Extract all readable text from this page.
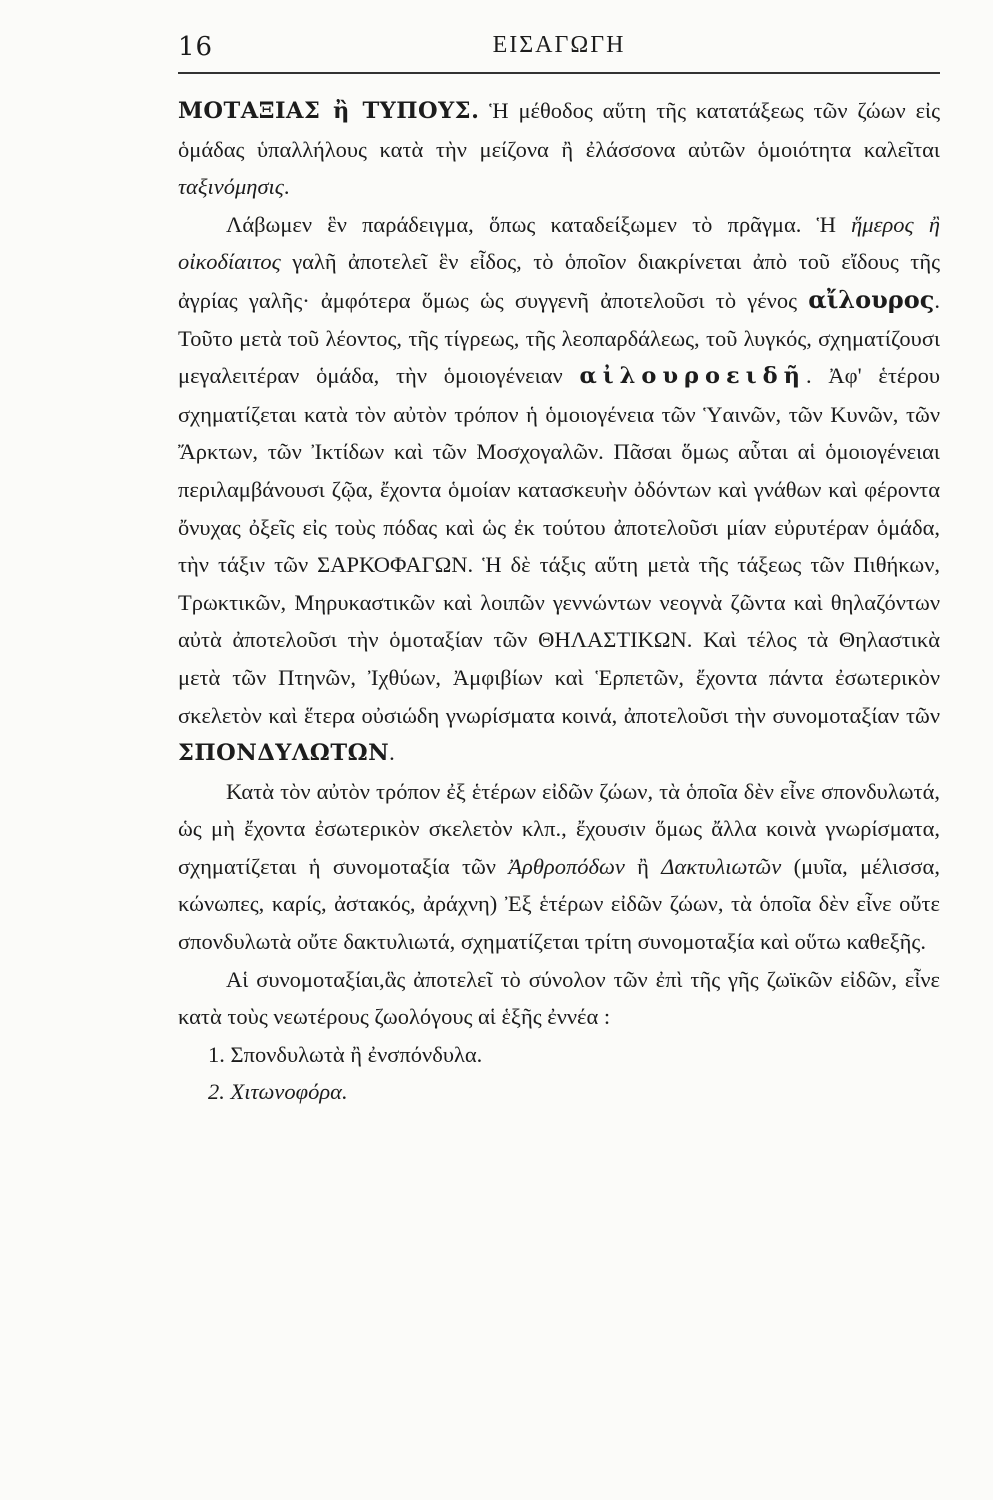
16	ΕΙΣΑΓΩΓΗ

ΜΟΤΑΞΙΑΣ ἢ ΤΥΠΟΥΣ. Ἡ μέθοδος αὕτη τῆς κατατάξεως τῶν ζώων εἰς ὁμάδας ὑπαλλήλους κατὰ τὴν μείζονα ἢ ἐλάσσονα αὐτῶν ὁμοιότητα καλεῖται ταξινόμησις.

Λάβωμεν ἓν παράδειγμα, ὅπως καταδείξωμεν τὸ πρᾶγμα. Ἡ ἥμερος ἢ οἰκοδίαιτος γαλῆ ἀποτελεῖ ἓν εἶδος, τὸ ὁποῖον διακρίνεται ἀπὸ τοῦ εἴδους τῆς ἀγρίας γαλῆς· ἀμφότερα ὅμως ὡς συγγενῆ ἀποτελοῦσι τὸ γένος αἴλουρος. Τοῦτο μετὰ τοῦ λέοντος, τῆς τίγρεως, τῆς λεοπαρδάλεως, τοῦ λυγκός, σχηματίζουσι μεγαλειτέραν ὁμάδα, τὴν ὁμοιογένειαν αἰλουροειδῆ. Ἀφ' ἑτέρου σχηματίζεται κατὰ τὸν αὐτὸν τρόπον ἡ ὁμοιογένεια τῶν Ὑαινῶν, τῶν Κυνῶν, τῶν Ἄρκτων, τῶν Ἰκτίδων καὶ τῶν Μοσχογαλῶν. Πᾶσαι ὅμως αὗται αἱ ὁμοιογένειαι περιλαμβάνουσι ζῷα, ἔχοντα ὁμοίαν κατασκευὴν ὀδόντων καὶ γνάθων καὶ φέροντα ὄνυχας ὀξεῖς εἰς τοὺς πόδας καὶ ὡς ἐκ τούτου ἀποτελοῦσι μίαν εὐρυτέραν ὁμάδα, τὴν τάξιν τῶν ΣΑΡΚΟΦΑΓΩΝ. Ἡ δὲ τάξις αὕτη μετὰ τῆς τάξεως τῶν Πιθήκων, Τρωκτικῶν, Μηρυκαστικῶν καὶ λοιπῶν γεννώντων νεογνὰ ζῶντα καὶ θηλαζόντων αὐτὰ ἀποτελοῦσι τὴν ὁμοταξίαν τῶν ΘΗΛΑΣΤΙΚΩΝ. Καὶ τέλος τὰ Θηλαστικὰ μετὰ τῶν Πτηνῶν, Ἰχθύων, Ἀμφιβίων καὶ Ἑρπετῶν, ἔχοντα πάντα ἐσωτερικὸν σκελετὸν καὶ ἕτερα οὐσιώδη γνωρίσματα κοινά, ἀποτελοῦσι τὴν συνομοταξίαν τῶν ΣΠΟΝΔΥΛΩΤΩΝ.

Κατὰ τὸν αὐτὸν τρόπον ἐξ ἑτέρων εἰδῶν ζώων, τὰ ὁποῖα δὲν εἶνε σπονδυλωτά, ὡς μὴ ἔχοντα ἐσωτερικὸν σκελετὸν κλπ., ἔχουσιν ὅμως ἄλλα κοινὰ γνωρίσματα, σχηματίζεται ἡ συνομοταξία τῶν Ἀρθροπόδων ἢ Δακτυλιωτῶν (μυῖα, μέλισσα, κώνωπες, καρίς, ἀστακός, ἀράχνη) Ἐξ ἑτέρων εἰδῶν ζώων, τὰ ὁποῖα δὲν εἶνε οὔτε σπονδυλωτὰ οὔτε δακτυλιωτά, σχηματίζεται τρίτη συνομοταξία καὶ οὕτω καθεξῆς.

Αἱ συνομοταξίαι,ἃς ἀποτελεῖ τὸ σύνολον τῶν ἐπὶ τῆς γῆς ζωϊκῶν εἰδῶν, εἶνε κατὰ τοὺς νεωτέρους ζωολόγους αἱ ἑξῆς ἐννέα :

1. Σπονδυλωτὰ ἢ ἐνσπόνδυλα.

2. Χιτωνοφόρα.
